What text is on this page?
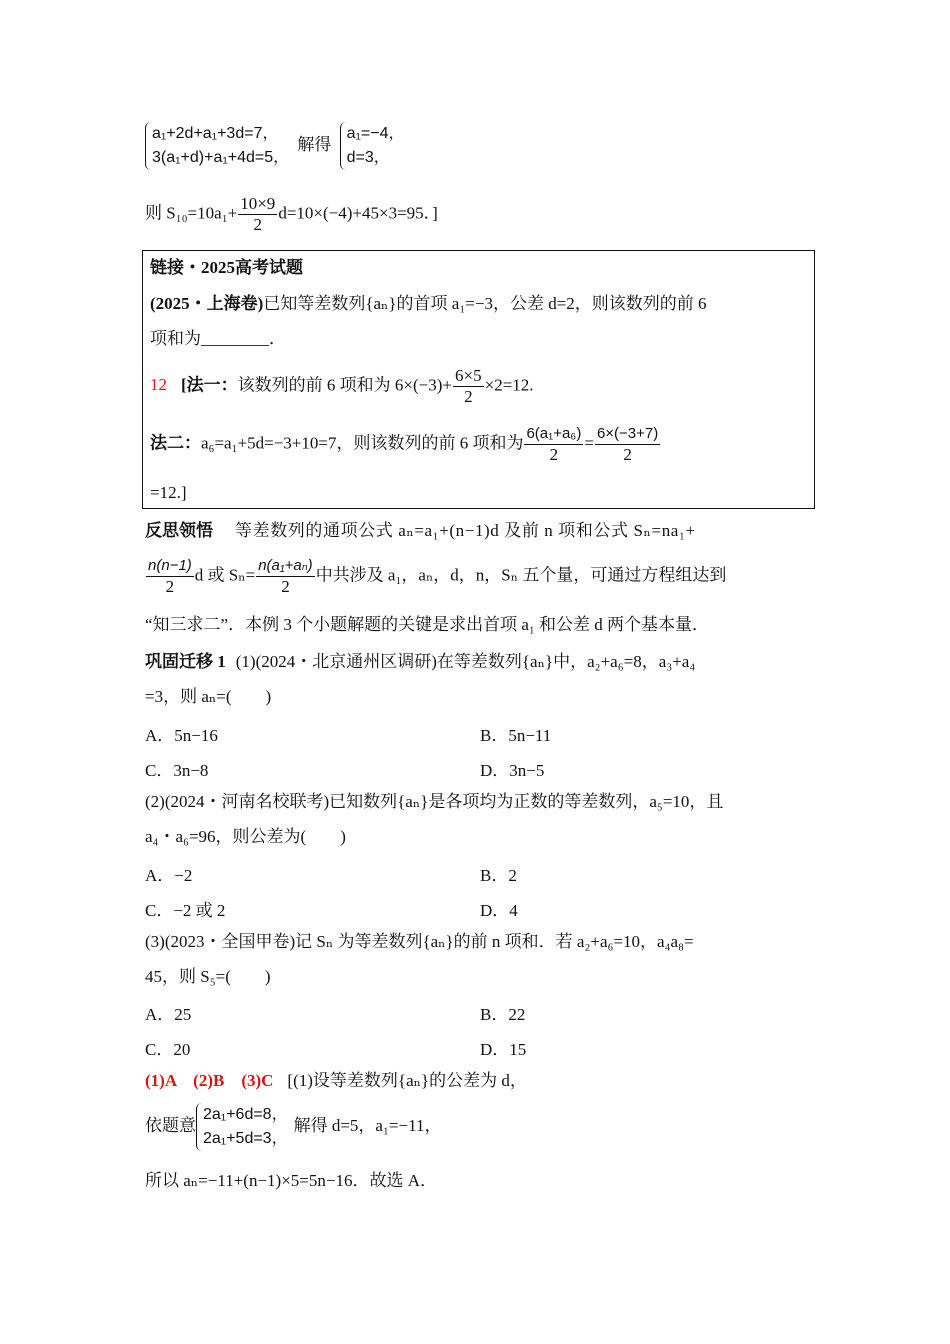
a₁+2d+a₁+3d=7，
3(a₁+d)+a₁+4d=5，
解得
a₁=−4，
d=3，
则 $S_{10}=10a_1+ \frac{10\times 9}{2} d=10\times(-4)+45\times 3=95$．]
链接・2025高考试题
(2025・上海卷)已知等差数列{aₙ}的首项 a₁=−3，公差 d=2，则该数列的前 6
项和为________．
12 [法一：该数列的前 6 项和为 $6\times(-3)+ \frac{6\times 5}{2} \times 2=12$.
法二：a₆=a₁+5d=−3+10=7，则该数列的前 6 项和为 $\frac{\text{6(a₁+a₆)}}{2} = \frac{6\times(-3+7)}{2}$
=12.]
反思领悟 等差数列的通项公式 aₙ=a₁+(n−1)d 及前 n 项和公式 Sₙ=na₁+
$\frac{n(n-1)}{2}$ d 或 $S_n= \frac{\text{n(a₁+aₙ)}}{2}$ 中共涉及 a₁，aₙ，d，n，Sₙ 五个量，可通过方程组达到
“知三求二”．本例 3 个小题解题的关键是求出首项 a₁ 和公差 d 两个基本量．
巩固迁移 1 (1)(2024・北京通州区调研)在等差数列{aₙ}中，a₂+a₆=8，a₃+a₄
=3，则 aₙ=(　　)
A．5n−16	B．5n−11
C．3n−8	D．3n−5
(2)(2024・河南名校联考)已知数列{aₙ}是各项均为正数的等差数列，a₅=10，且
a₄・a₆=96，则公差为(　　)
A．−2	B．2
C．−2 或 2	D．4
(3)(2023・全国甲卷)记 Sₙ 为等差数列{aₙ}的前 n 项和．若 a₂+a₆=10，a₄a₈=
45，则 S₅=(　　)
A．25	B．22
C．20	D．15
(1)A　(2)B　(3)C [(1)设等差数列{aₙ}的公差为 d，
依题意
2a₁+6d=8，
2a₁+5d=3，
解得 d=5，a₁=−11，
所以 aₙ=−11+(n−1)×5=5n−16．故选 A．
